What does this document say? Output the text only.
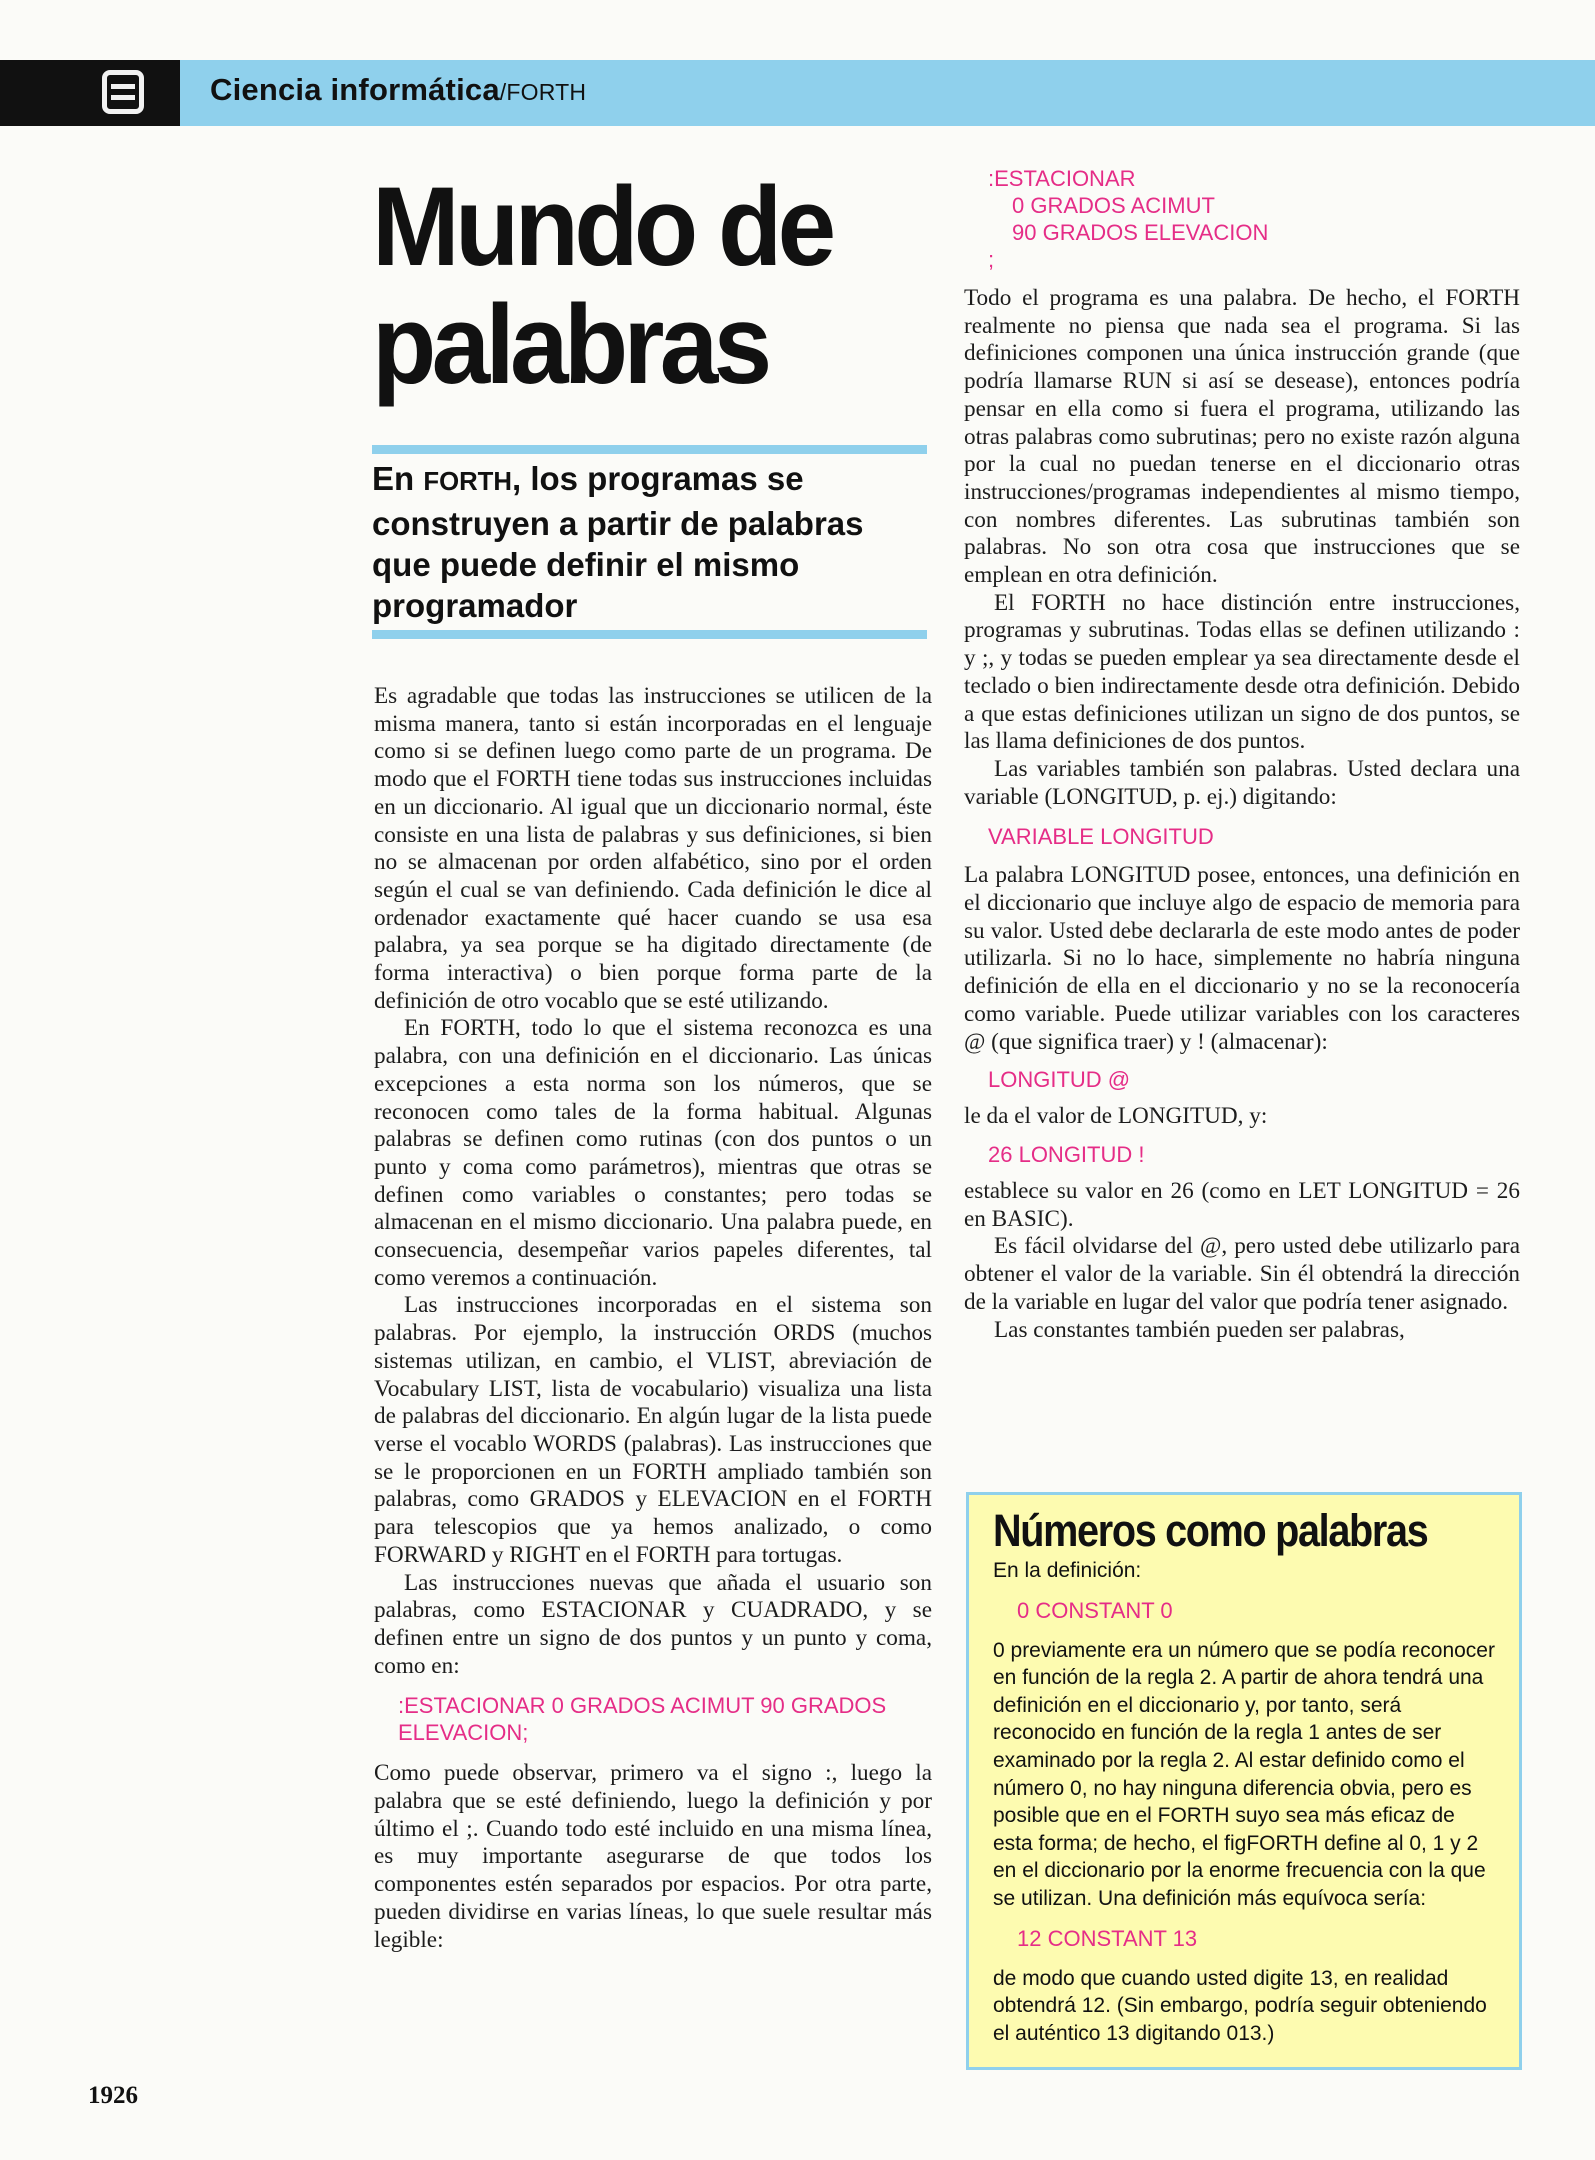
Ciencia informática/FORTH
Mundo de
palabras
En FORTH, los programas se construyen a partir de palabras que puede definir el mismo programador

Es agradable que todas las instrucciones se utilicen de la misma manera, tanto si están incorporadas en el lenguaje como si se definen luego como parte de un programa. De modo que el FORTH tiene todas sus instrucciones incluidas en un diccionario. Al igual que un diccionario normal, éste consiste en una lista de palabras y sus definiciones, si bien no se almacenan por orden alfabético, sino por el orden según el cual se van definiendo. Cada definición le dice al ordenador exactamente qué hacer cuando se usa esa palabra, ya sea porque se ha digitado directamente (de forma interactiva) o bien porque forma parte de la definición de otro vocablo que se esté utilizando.

En FORTH, todo lo que el sistema reconozca es una palabra, con una definición en el diccionario. Las únicas excepciones a esta norma son los números, que se reconocen como tales de la forma habitual. Algunas palabras se definen como rutinas (con dos puntos o un punto y coma como parámetros), mientras que otras se definen como variables o constantes; pero todas se almacenan en el mismo diccionario. Una palabra puede, en consecuencia, desempeñar varios papeles diferentes, tal como veremos a continuación.

Las instrucciones incorporadas en el sistema son palabras. Por ejemplo, la instrucción ORDS (muchos sistemas utilizan, en cambio, el VLIST, abreviación de Vocabulary LIST, lista de vocabulario) visualiza una lista de palabras del diccionario. En algún lugar de la lista puede verse el vocablo WORDS (palabras). Las instrucciones que se le proporcionen en un FORTH ampliado también son palabras, como GRADOS y ELEVACION en el FORTH para telescopios que ya hemos analizado, o como FORWARD y RIGHT en el FORTH para tortugas.

Las instrucciones nuevas que añada el usuario son palabras, como ESTACIONAR y CUADRADO, y se definen entre un signo de dos puntos y un punto y coma, como en:

:ESTACIONAR 0 GRADOS ACIMUT 90 GRADOS ELEVACION;

Como puede observar, primero va el signo :, luego la palabra que se esté definiendo, luego la definición y por último el ;. Cuando todo esté incluido en una misma línea, es muy importante asegurarse de que todos los componentes estén separados por espacios. Por otra parte, pueden dividirse en varias líneas, lo que suele resultar más legible:

:ESTACIONAR
0 GRADOS ACIMUT
90 GRADOS ELEVACION
;

Todo el programa es una palabra. De hecho, el FORTH realmente no piensa que nada sea el programa. Si las definiciones componen una única instrucción grande (que podría llamarse RUN si así se desease), entonces podría pensar en ella como si fuera el programa, utilizando las otras palabras como subrutinas; pero no existe razón alguna por la cual no puedan tenerse en el diccionario otras instrucciones/programas independientes al mismo tiempo, con nombres diferentes. Las subrutinas también son palabras. No son otra cosa que instrucciones que se emplean en otra definición.

El FORTH no hace distinción entre instrucciones, programas y subrutinas. Todas ellas se definen utilizando : y ;, y todas se pueden emplear ya sea directamente desde el teclado o bien indirectamente desde otra definición. Debido a que estas definiciones utilizan un signo de dos puntos, se las llama definiciones de dos puntos.

Las variables también son palabras. Usted declara una variable (LONGITUD, p. ej.) digitando:

VARIABLE LONGITUD

La palabra LONGITUD posee, entonces, una definición en el diccionario que incluye algo de espacio de memoria para su valor. Usted debe declararla de este modo antes de poder utilizarla. Si no lo hace, simplemente no habría ninguna definición de ella en el diccionario y no se la reconocería como variable. Puede utilizar variables con los caracteres @ (que significa traer) y ! (almacenar):

LONGITUD @

le da el valor de LONGITUD, y:

26 LONGITUD !

establece su valor en 26 (como en LET LONGITUD = 26 en BASIC).

Es fácil olvidarse del @, pero usted debe utilizarlo para obtener el valor de la variable. Sin él obtendrá la dirección de la variable en lugar del valor que podría tener asignado.

Las constantes también pueden ser palabras,

Números como palabras

En la definición:

0 CONSTANT 0

0 previamente era un número que se podía reconocer en función de la regla 2. A partir de ahora tendrá una definición en el diccionario y, por tanto, será reconocido en función de la regla 1 antes de ser examinado por la regla 2. Al estar definido como el número 0, no hay ninguna diferencia obvia, pero es posible que en el FORTH suyo sea más eficaz de esta forma; de hecho, el figFORTH define al 0, 1 y 2 en el diccionario por la enorme frecuencia con la que se utilizan. Una definición más equívoca sería:

12 CONSTANT 13

de modo que cuando usted digite 13, en realidad obtendrá 12. (Sin embargo, podría seguir obteniendo el auténtico 13 digitando 013.)

1926
